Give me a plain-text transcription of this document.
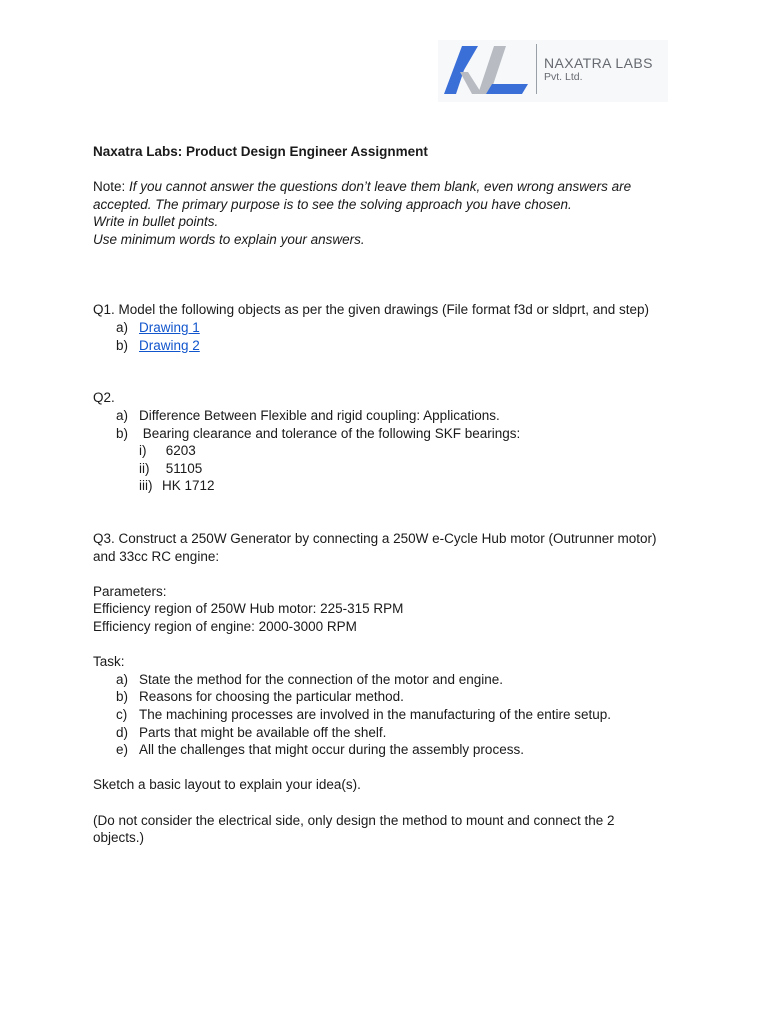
NAXATRA LABS
Pvt. Ltd.

Naxatra Labs: Product Design Engineer Assignment

Note: If you cannot answer the questions don’t leave them blank, even wrong answers are accepted. The primary purpose is to see the solving approach you have chosen.

Write in bullet points.

Use minimum words to explain your answers.

Q1. Model the following objects as per the given drawings (File format f3d or sldprt, and step)

a) Drawing 1
b) Drawing 2

Q2.

a) Difference Between Flexible and rigid coupling: Applications.
b) Bearing clearance and tolerance of the following SKF bearings:
i) 6203
ii) 51105
iii) HK 1712

Q3. Construct a 250W Generator by connecting a 250W e-Cycle Hub motor (Outrunner motor) and 33cc RC engine:

Parameters:

Efficiency region of 250W Hub motor: 225-315 RPM

Efficiency region of engine: 2000-3000 RPM

Task:

a) State the method for the connection of the motor and engine.
b) Reasons for choosing the particular method.
c) The machining processes are involved in the manufacturing of the entire setup.
d) Parts that might be available off the shelf.
e) All the challenges that might occur during the assembly process.

Sketch a basic layout to explain your idea(s).

(Do not consider the electrical side, only design the method to mount and connect the 2 objects.)
